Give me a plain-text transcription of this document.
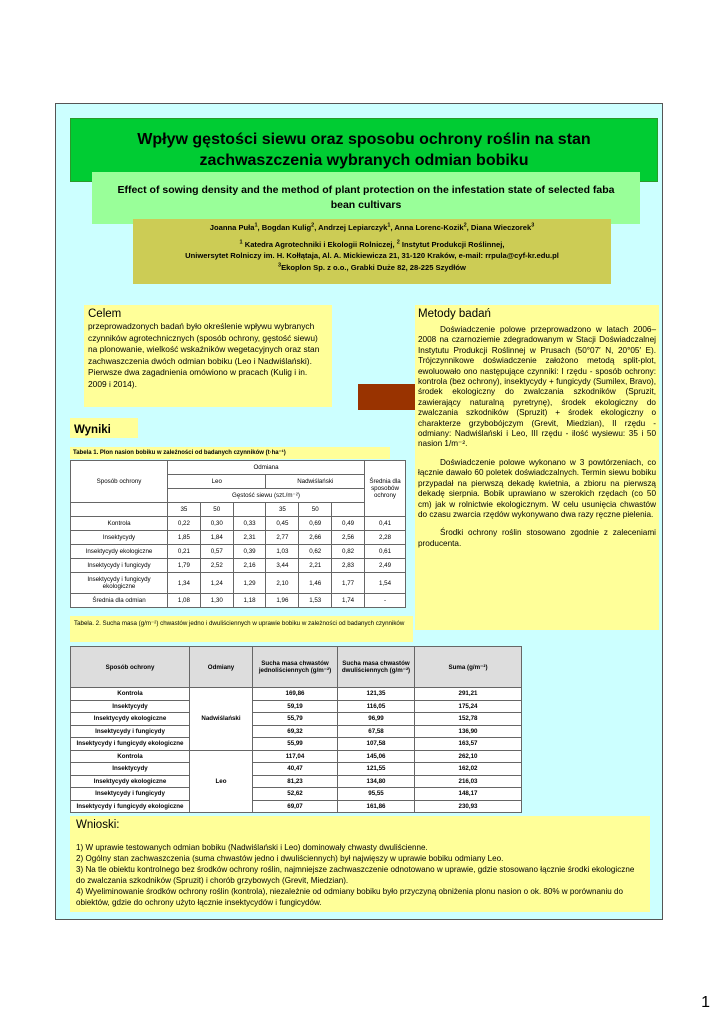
Wpływ gęstości siewu oraz sposobu ochrony roślin na stan zachwaszczenia wybranych odmian bobiku
Effect of sowing density and the method of plant protection on the infestation state of selected faba bean cultivars
Joanna Puła$^1$, Bogdan Kulig$^2$, Andrzej Lepiarczyk$^1$, Anna Lorenc-Kozik$^2$, Diana Wieczorek$^3$
$^1$ Katedra Agrotechniki i Ekologii Rolniczej, $^2$ Instytut Produkcji Roślinnej,
Uniwersytet Rolniczy im. H. Kołłątaja, Al. A. Mickiewicza 21, 31-120 Kraków, e-mail: rrpula@cyf-kr.edu.pl
$^3$Ekoplon Sp. z o.o., Grabki Duże 82, 28-225 Szydłów
Celem

przeprowadzonych badań było określenie wpływu wybranych czynników agrotechnicznych (sposób ochrony, gęstość siewu) na plonowanie, wielkość wskaźników wegetacyjnych oraz stan zachwaszczenia dwóch odmian bobiku (Leo i Nadwiślański). Pierwsze dwa zagadnienia omówiono w pracach (Kulig i in. 2009 i 2014).

Metody badań

Doświadczenie polowe przeprowadzono w latach 2006–2008 na czarnoziemie zdegradowanym w Stacji Doświadczalnej Instytutu Produkcji Roślinnej w Prusach (50°07′ N, 20°05′ E). Trójczynnikowe doświadczenie założono metodą split-plot, ewoluowało ono następujące czynniki: I rzędu - sposób ochrony: kontrola (bez ochrony), insektycydy + fungicydy (Sumilex, Bravo), środek ekologiczny do zwalczania szkodników (Spruzit, zawierający naturalną pyretrynę), środek ekologiczny do zwalczania szkodników (Spruzit) + środek ekologiczny o charakterze grzybobójczym (Grevit, Miedzian), II rzędu - odmiany: Nadwiślański i Leo, III rzędu - ilość wysiewu: 35 i 50 nasion 1/m⁻².

Doświadczenie polowe wykonano w 3 powtórzeniach, co łącznie dawało 60 poletek doświadczalnych. Termin siewu bobiku przypadał na pierwszą dekadę kwietnia, a zbioru na pierwszą dekadę sierpnia. Bobik uprawiano w szerokich rzędach (co 50 cm) jak w rolnictwie ekologicznym. W celu usunięcia chwastów do czasu zwarcia rzędów wykonywano dwa razy ręczne pielenia.

Środki ochrony roślin stosowano zgodnie z zaleceniami producenta.

Wyniki
Tabela 1. Plon nasion bobiku w zależności od badanych czynników (t·ha⁻¹)
Sposób ochrony	Odmiana						Średnia dla sposobów ochrony
	Leo			Nadwiślański			
	Gęstość siewu (szt./m⁻²)						
	35	50		35	50		
Kontrola	0,22	0,30	0,33	0,45	0,69	0,49	0,41
Insektycydy	1,85	1,84	2,31	2,77	2,66	2,56	2,28
Insektycydy ekologiczne	0,21	0,57	0,39	1,03	0,62	0,82	0,61
Insektycydy i fungicydy	1,79	2,52	2,16	3,44	2,21	2,83	2,49
Insektycydy i fungicydy ekologiczne	1,34	1,24	1,29	2,10	1,46	1,77	1,54
Średnia dla odmian	1,08	1,30	1,18	1,96	1,53	1,74	-
Tabela. 2. Sucha masa (g/m⁻²) chwastów jedno i dwuliściennych w uprawie bobiku w zależności od badanych czynników
Sposób ochrony	Odmiany	Sucha masa chwastów jednoliściennych (g/m⁻²)	Sucha masa chwastów dwuliściennych (g/m⁻²)	Suma (g/m⁻²)
Kontrola	Nadwiślański	169,86	121,35	291,21
Insektycydy		59,19	116,05	175,24
Insektycydy ekologiczne		55,79	96,99	152,78
Insektycydy i fungicydy		69,32	67,58	136,90
Insektycydy i fungicydy ekologiczne		55,99	107,58	163,57
Kontrola	Leo	117,04	145,06	262,10
Insektycydy		40,47	121,55	162,02
Insektycydy ekologiczne		81,23	134,80	216,03
Insektycydy i fungicydy		52,62	95,55	148,17
Insektycydy i fungicydy ekologiczne		69,07	161,86	230,93
Wnioski:

1) W uprawie testowanych odmian bobiku (Nadwiślański i Leo) dominowały chwasty dwuliścienne.

2) Ogólny stan zachwaszczenia (suma chwastów jedno i dwuliściennych) był najwięszy w uprawie bobiku odmiany Leo.

3) Na tle obiektu kontrolnego bez środków ochrony roślin, najmniejsze zachwaszczenie odnotowano w uprawie, gdzie stosowano łącznie środki ekologiczne do zwalczania szkodników (Spruzit) i chorób grzybowych (Grevit, Miedzian).

4) Wyeliminowanie środków ochrony roślin (kontrola), niezależnie od odmiany bobiku było przyczyną obniżenia plonu nasion o ok. 80% w porównaniu do obiektów, gdzie do ochrony użyto łącznie insektycydów i fungicydów.

1
